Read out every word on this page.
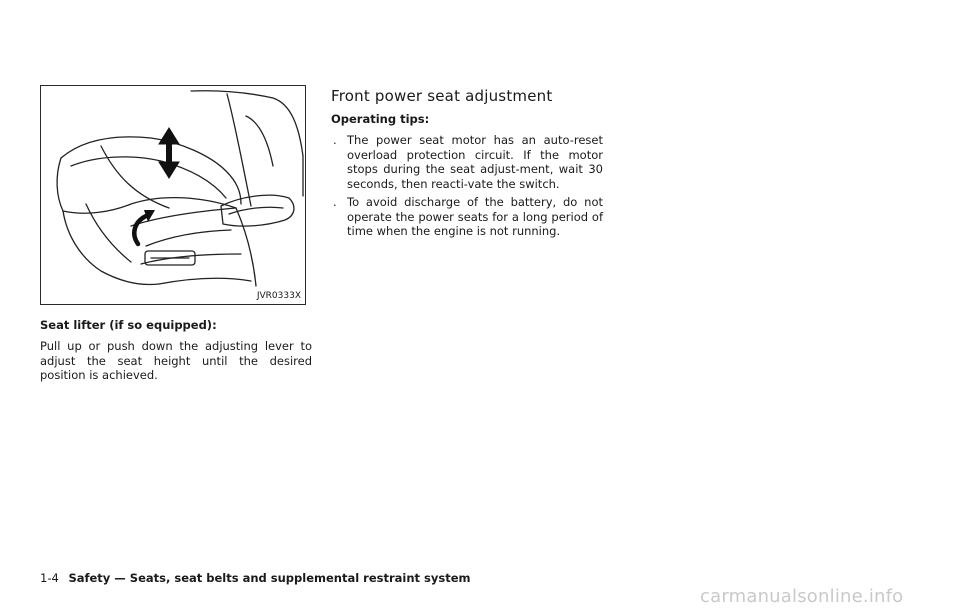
JVR0333X

Seat lifter (if so equipped):

Pull up or push down the adjusting lever to adjust the seat height until the desired position is achieved.

Front power seat adjustment

Operating tips:

. The power seat motor has an auto-reset overload protection circuit. If the motor stops during the seat adjust-ment, wait 30 seconds, then reacti-vate the switch.
. To avoid discharge of the battery, do not operate the power seats for a long period of time when the engine is not running.
1-4 Safety — Seats, seat belts and supplemental restraint system
carmanualsonline.info
